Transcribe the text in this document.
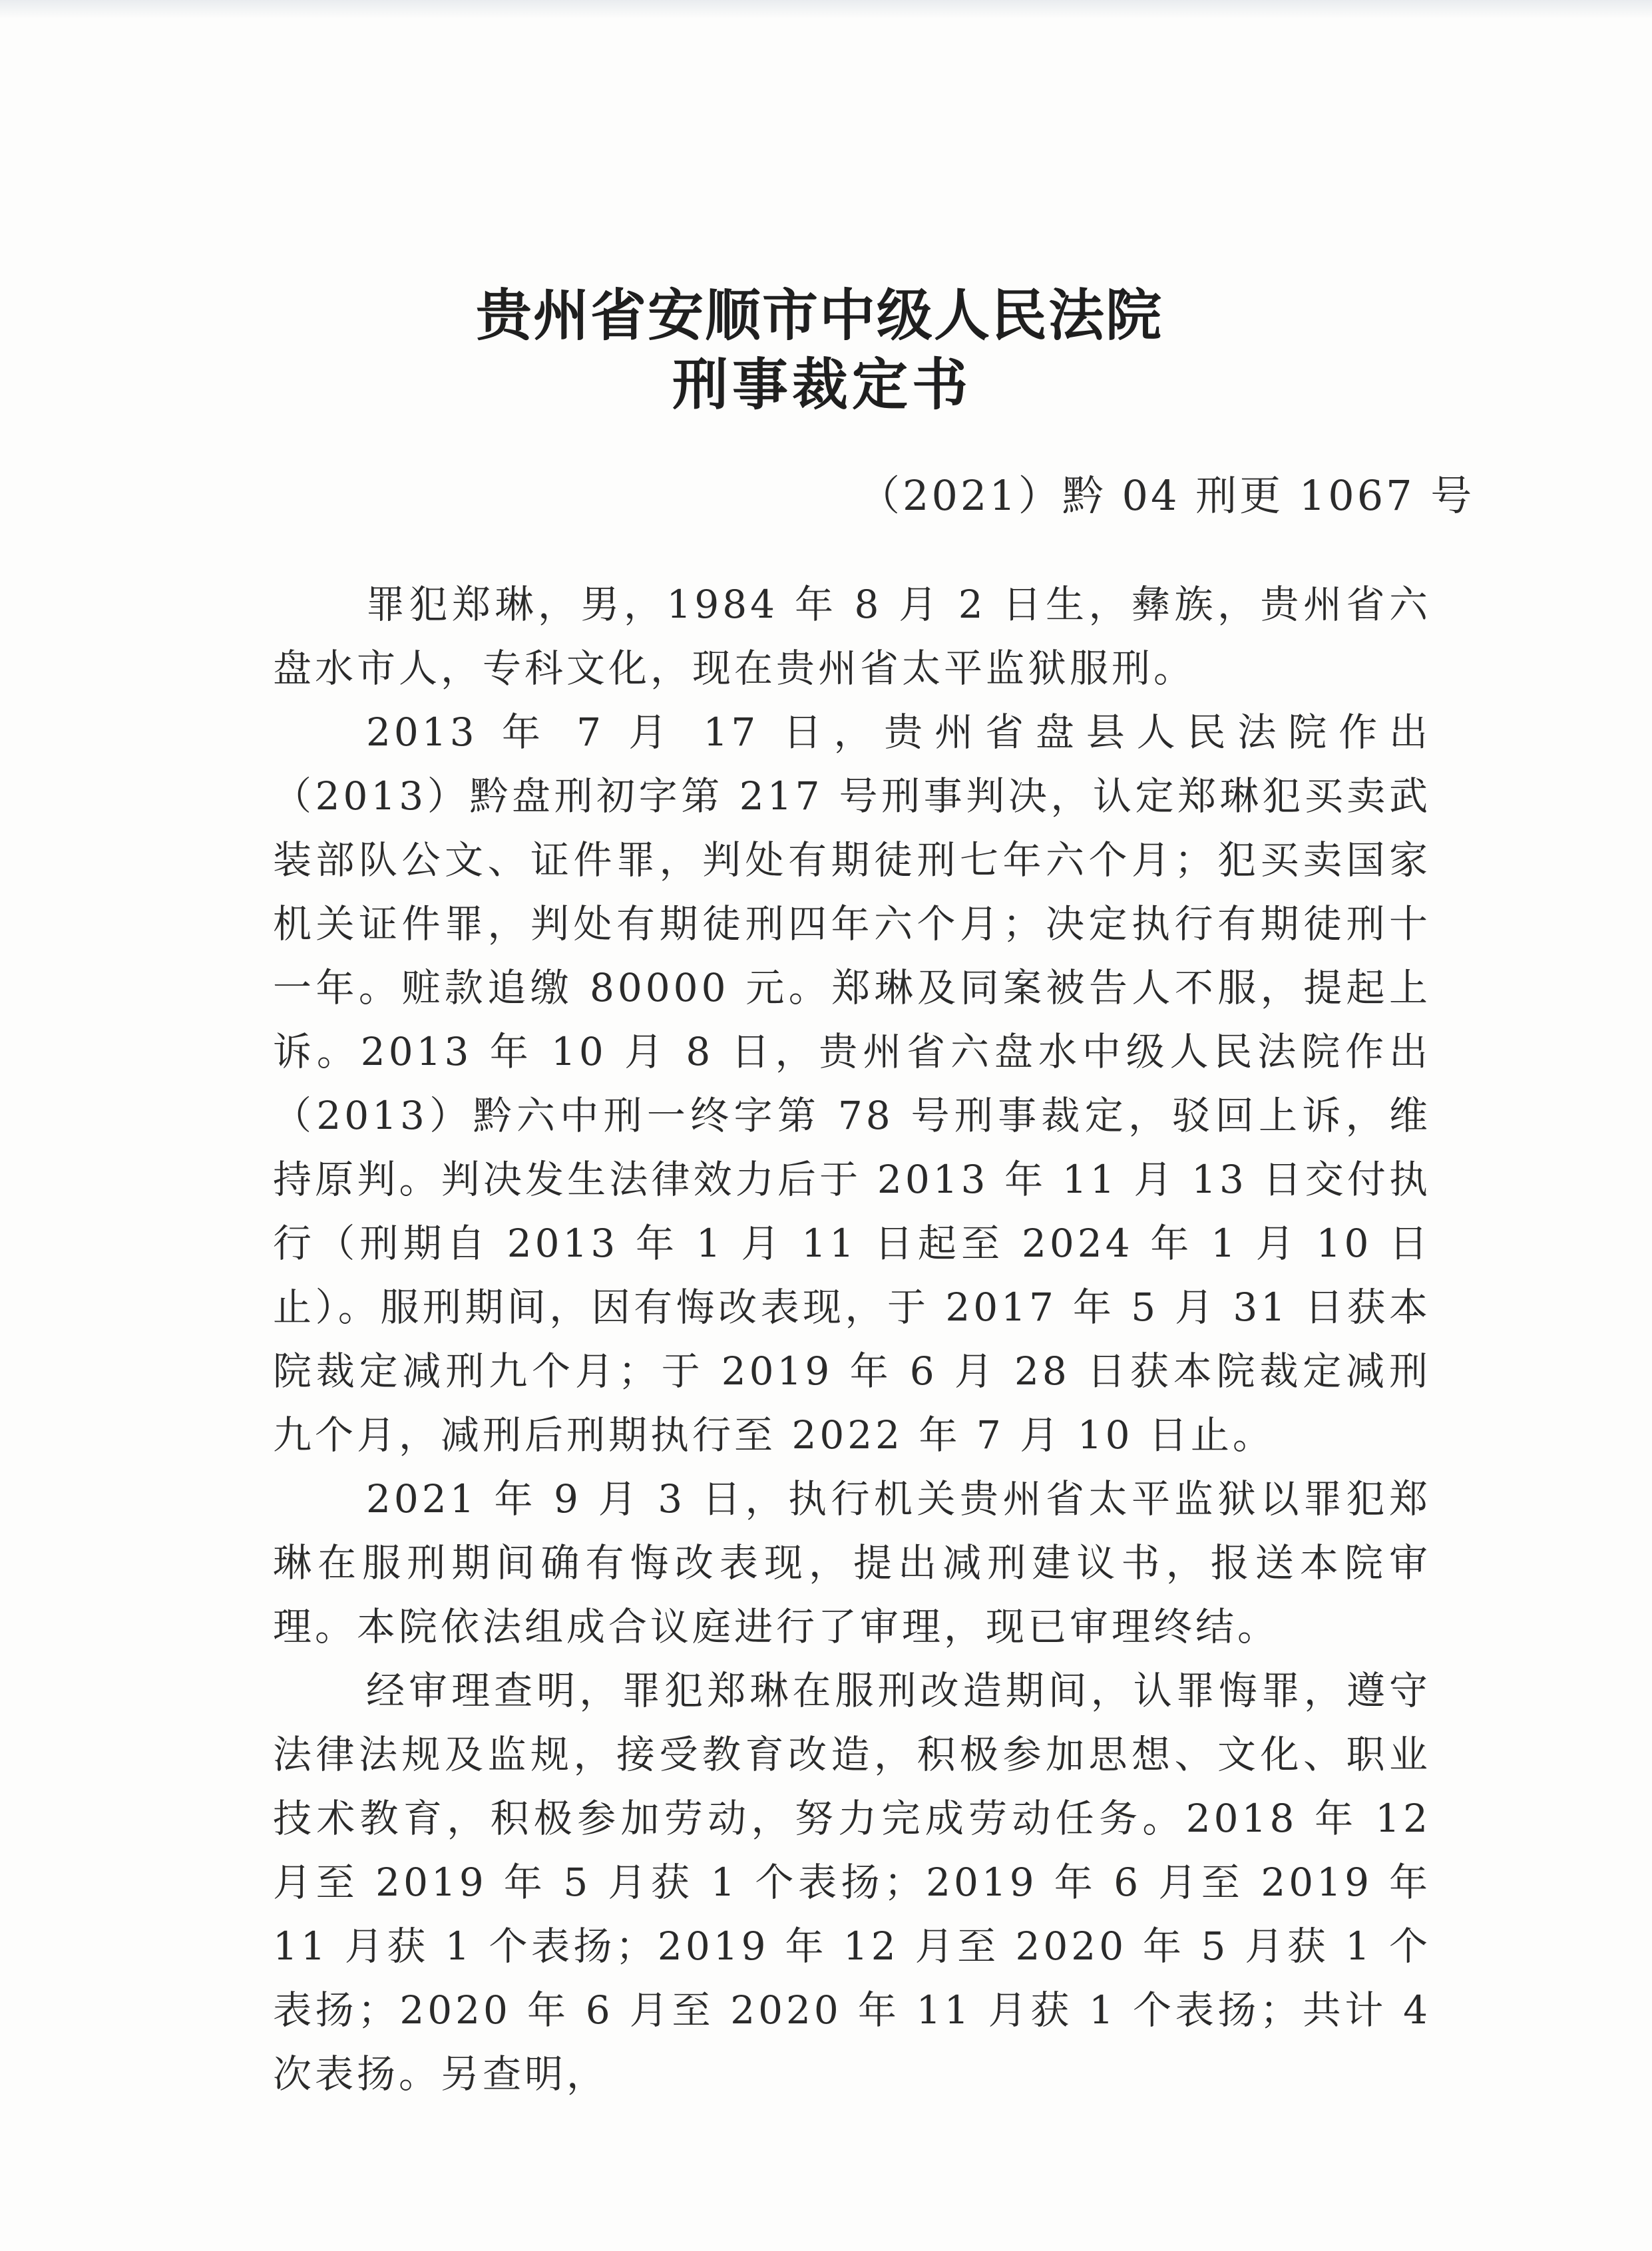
贵州省安顺市中级人民法院
刑事裁定书
（2021）黔 04 刑更 1067 号

罪犯郑琳，男，1984 年 8 月 2 日生，彝族，贵州省六盘水市人，专科文化，现在贵州省太平监狱服刑。

2013 年 7 月 17 日，贵州省盘县人民法院作出（2013）黔盘刑初字第 217 号刑事判决，认定郑琳犯买卖武装部队公文、证件罪，判处有期徒刑七年六个月；犯买卖国家机关证件罪，判处有期徒刑四年六个月；决定执行有期徒刑十一年。赃款追缴 80000 元。郑琳及同案被告人不服，提起上诉。2013 年 10 月 8 日，贵州省六盘水中级人民法院作出（2013）黔六中刑一终字第 78 号刑事裁定，驳回上诉，维持原判。判决发生法律效力后于 2013 年 11 月 13 日交付执行（刑期自 2013 年 1 月 11 日起至 2024 年 1 月 10 日止）。服刑期间，因有悔改表现，于 2017 年 5 月 31 日获本院裁定减刑九个月；于 2019 年 6 月 28 日获本院裁定减刑九个月，减刑后刑期执行至 2022 年 7 月 10 日止。

2021 年 9 月 3 日，执行机关贵州省太平监狱以罪犯郑琳在服刑期间确有悔改表现，提出减刑建议书，报送本院审理。本院依法组成合议庭进行了审理，现已审理终结。

经审理查明，罪犯郑琳在服刑改造期间，认罪悔罪，遵守法律法规及监规，接受教育改造，积极参加思想、文化、职业技术教育，积极参加劳动，努力完成劳动任务。2018 年 12 月至 2019 年 5 月获 1 个表扬；2019 年 6 月至 2019 年 11 月获 1 个表扬；2019 年 12 月至 2020 年 5 月获 1 个表扬；2020 年 6 月至 2020 年 11 月获 1 个表扬；共计 4 次表扬。另查明，
